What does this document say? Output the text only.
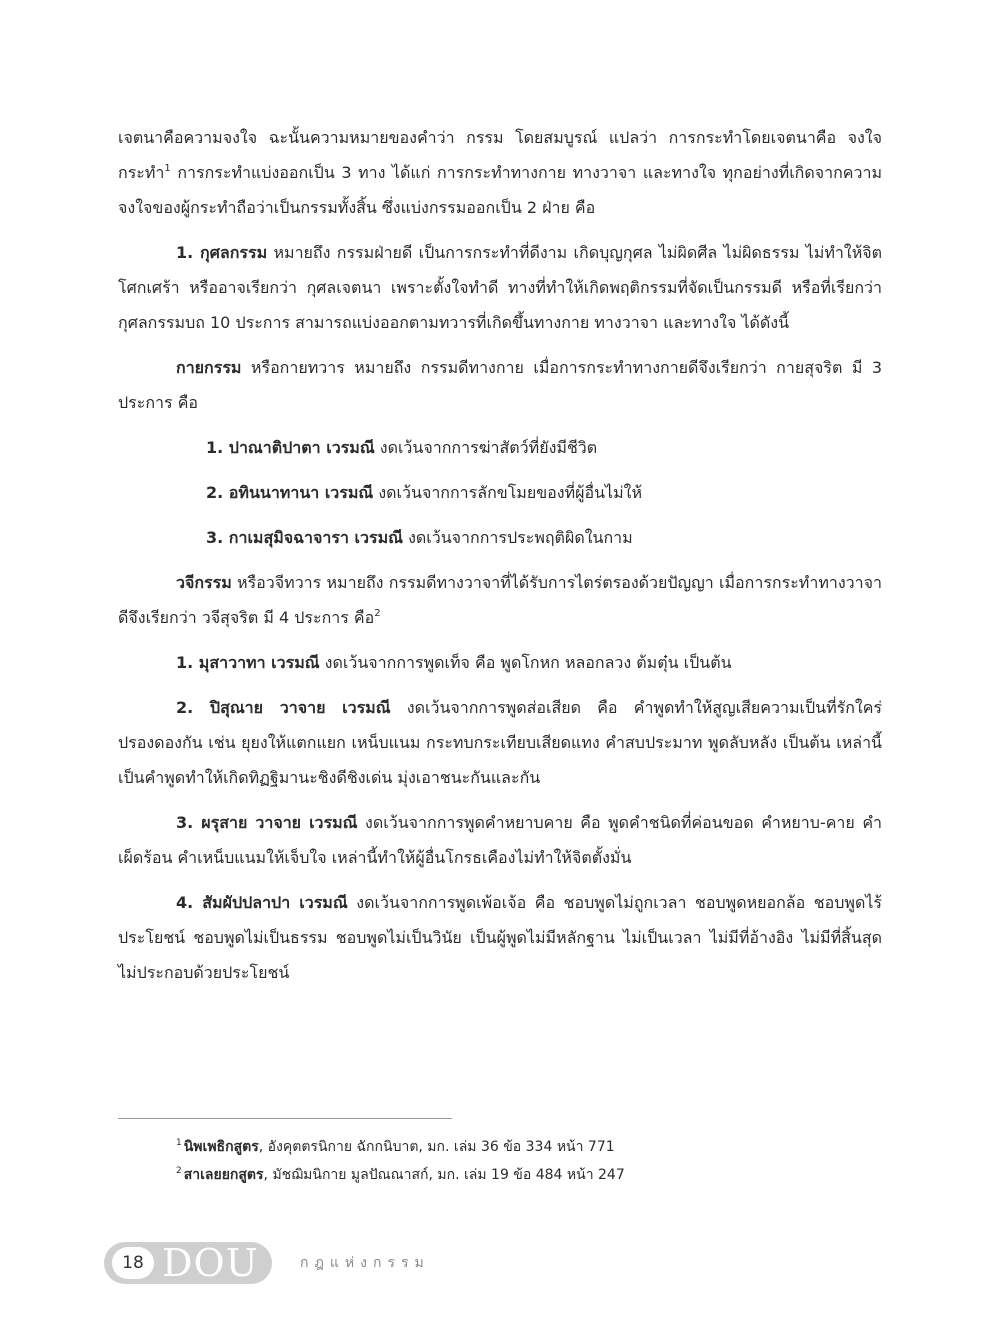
เจตนาคือความจงใจ ฉะนั้นความหมายของคำว่า กรรม โดยสมบูรณ์ แปลว่า การกระทำโดยเจตนาคือ จงใจกระทำ$^1$ การกระทำแบ่งออกเป็น 3 ทาง ได้แก่ การกระทำทางกาย ทางวาจา และทางใจ ทุกอย่างที่เกิดจากความจงใจของผู้กระทำถือว่าเป็นกรรมทั้งสิ้น ซึ่งแบ่งกรรมออกเป็น 2 ฝ่าย คือ

1. กุศลกรรม หมายถึง กรรมฝ่ายดี เป็นการกระทำที่ดีงาม เกิดบุญกุศล ไม่ผิดศีล ไม่ผิดธรรม ไม่ทำให้จิตโศกเศร้า หรืออาจเรียกว่า กุศลเจตนา เพราะตั้งใจทำดี ทางที่ทำให้เกิดพฤติกรรมที่จัดเป็นกรรมดี หรือที่เรียกว่า กุศลกรรมบถ 10 ประการ สามารถแบ่งออกตามทวารที่เกิดขึ้นทางกาย ทางวาจา และทางใจ ได้ดังนี้

กายกรรม หรือกายทวาร หมายถึง กรรมดีทางกาย เมื่อการกระทำทางกายดีจึงเรียกว่า กายสุจริต มี 3 ประการ คือ

1. ปาณาติปาตา เวรมณี งดเว้นจากการฆ่าสัตว์ที่ยังมีชีวิต

2. อทินนาทานา เวรมณี งดเว้นจากการลักขโมยของที่ผู้อื่นไม่ให้

3. กาเมสุมิจฉาจารา เวรมณี งดเว้นจากการประพฤติผิดในกาม

วจีกรรม หรือวจีทวาร หมายถึง กรรมดีทางวาจาที่ได้รับการไตร่ตรองด้วยปัญญา เมื่อการกระทำทางวาจาดีจึงเรียกว่า วจีสุจริต มี 4 ประการ คือ$^2$

1. มุสาวาทา เวรมณี งดเว้นจากการพูดเท็จ คือ พูดโกหก หลอกลวง ต้มตุ๋น เป็นต้น

2. ปิสุณาย วาจาย เวรมณี งดเว้นจากการพูดส่อเสียด คือ คำพูดทำให้สูญเสียความเป็นที่รักใคร่ ปรองดองกัน เช่น ยุยงให้แตกแยก เหน็บแนม กระทบกระเทียบเสียดแทง คำสบประมาท พูดลับหลัง เป็นต้น เหล่านี้เป็นคำพูดทำให้เกิดทิฏฐิมานะชิงดีชิงเด่น มุ่งเอาชนะกันและกัน

3. ผรุสาย วาจาย เวรมณี งดเว้นจากการพูดคำหยาบคาย คือ พูดคำชนิดที่ค่อนขอด คำหยาบ-คาย คำเผ็ดร้อน คำเหน็บแนมให้เจ็บใจ เหล่านี้ทำให้ผู้อื่นโกรธเคืองไม่ทำให้จิตตั้งมั่น

4. สัมผัปปลาปา เวรมณี งดเว้นจากการพูดเพ้อเจ้อ คือ ชอบพูดไม่ถูกเวลา ชอบพูดหยอกล้อ ชอบพูดไร้ประโยชน์ ชอบพูดไม่เป็นธรรม ชอบพูดไม่เป็นวินัย เป็นผู้พูดไม่มีหลักฐาน ไม่เป็นเวลา ไม่มีที่อ้างอิง ไม่มีที่สิ้นสุด ไม่ประกอบด้วยประโยชน์

$^1$ นิพเพธิกสูตร, อังคุตตรนิกาย ฉักกนิบาต, มก. เล่ม 36 ข้อ 334 หน้า 771
$^2$ สาเลยยกสูตร, มัชฌิมนิกาย มูลปัณณาสก์, มก. เล่ม 19 ข้อ 484 หน้า 247
18 DOU	กฎแห่งกรรม
